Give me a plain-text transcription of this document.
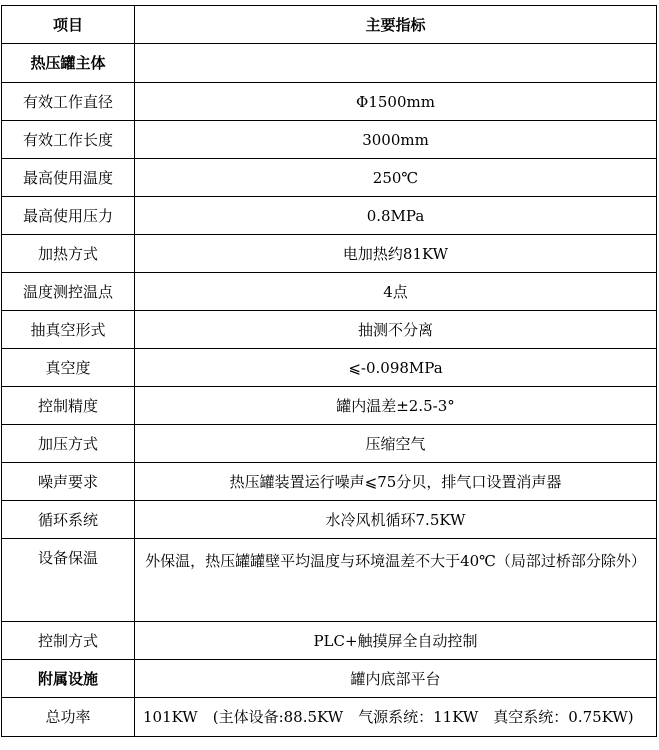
项目	主要指标
热压罐主体	
有效工作直径	Φ1500mm
有效工作长度	3000mm
最高使用温度	250℃
最高使用压力	0.8MPa
加热方式	电加热约81KW
温度测控温点	4点
抽真空形式	抽测不分离
真空度	⩽-0.098MPa
控制精度	罐内温差±2.5-3°
加压方式	压缩空气
噪声要求	热压罐装置运行噪声⩽75分贝，排气口设置消声器
循环系统	水冷风机循环7.5KW
设备保温	外保温，热压罐罐壁平均温度与环境温差不大于40℃（局部过桥部分除外）
控制方式	PLC+触摸屏全自动控制
附属设施	罐内底部平台
总功率	101KW　(主体设备:88.5KW　气源系统：11KW　真空系统：0.75KW)
